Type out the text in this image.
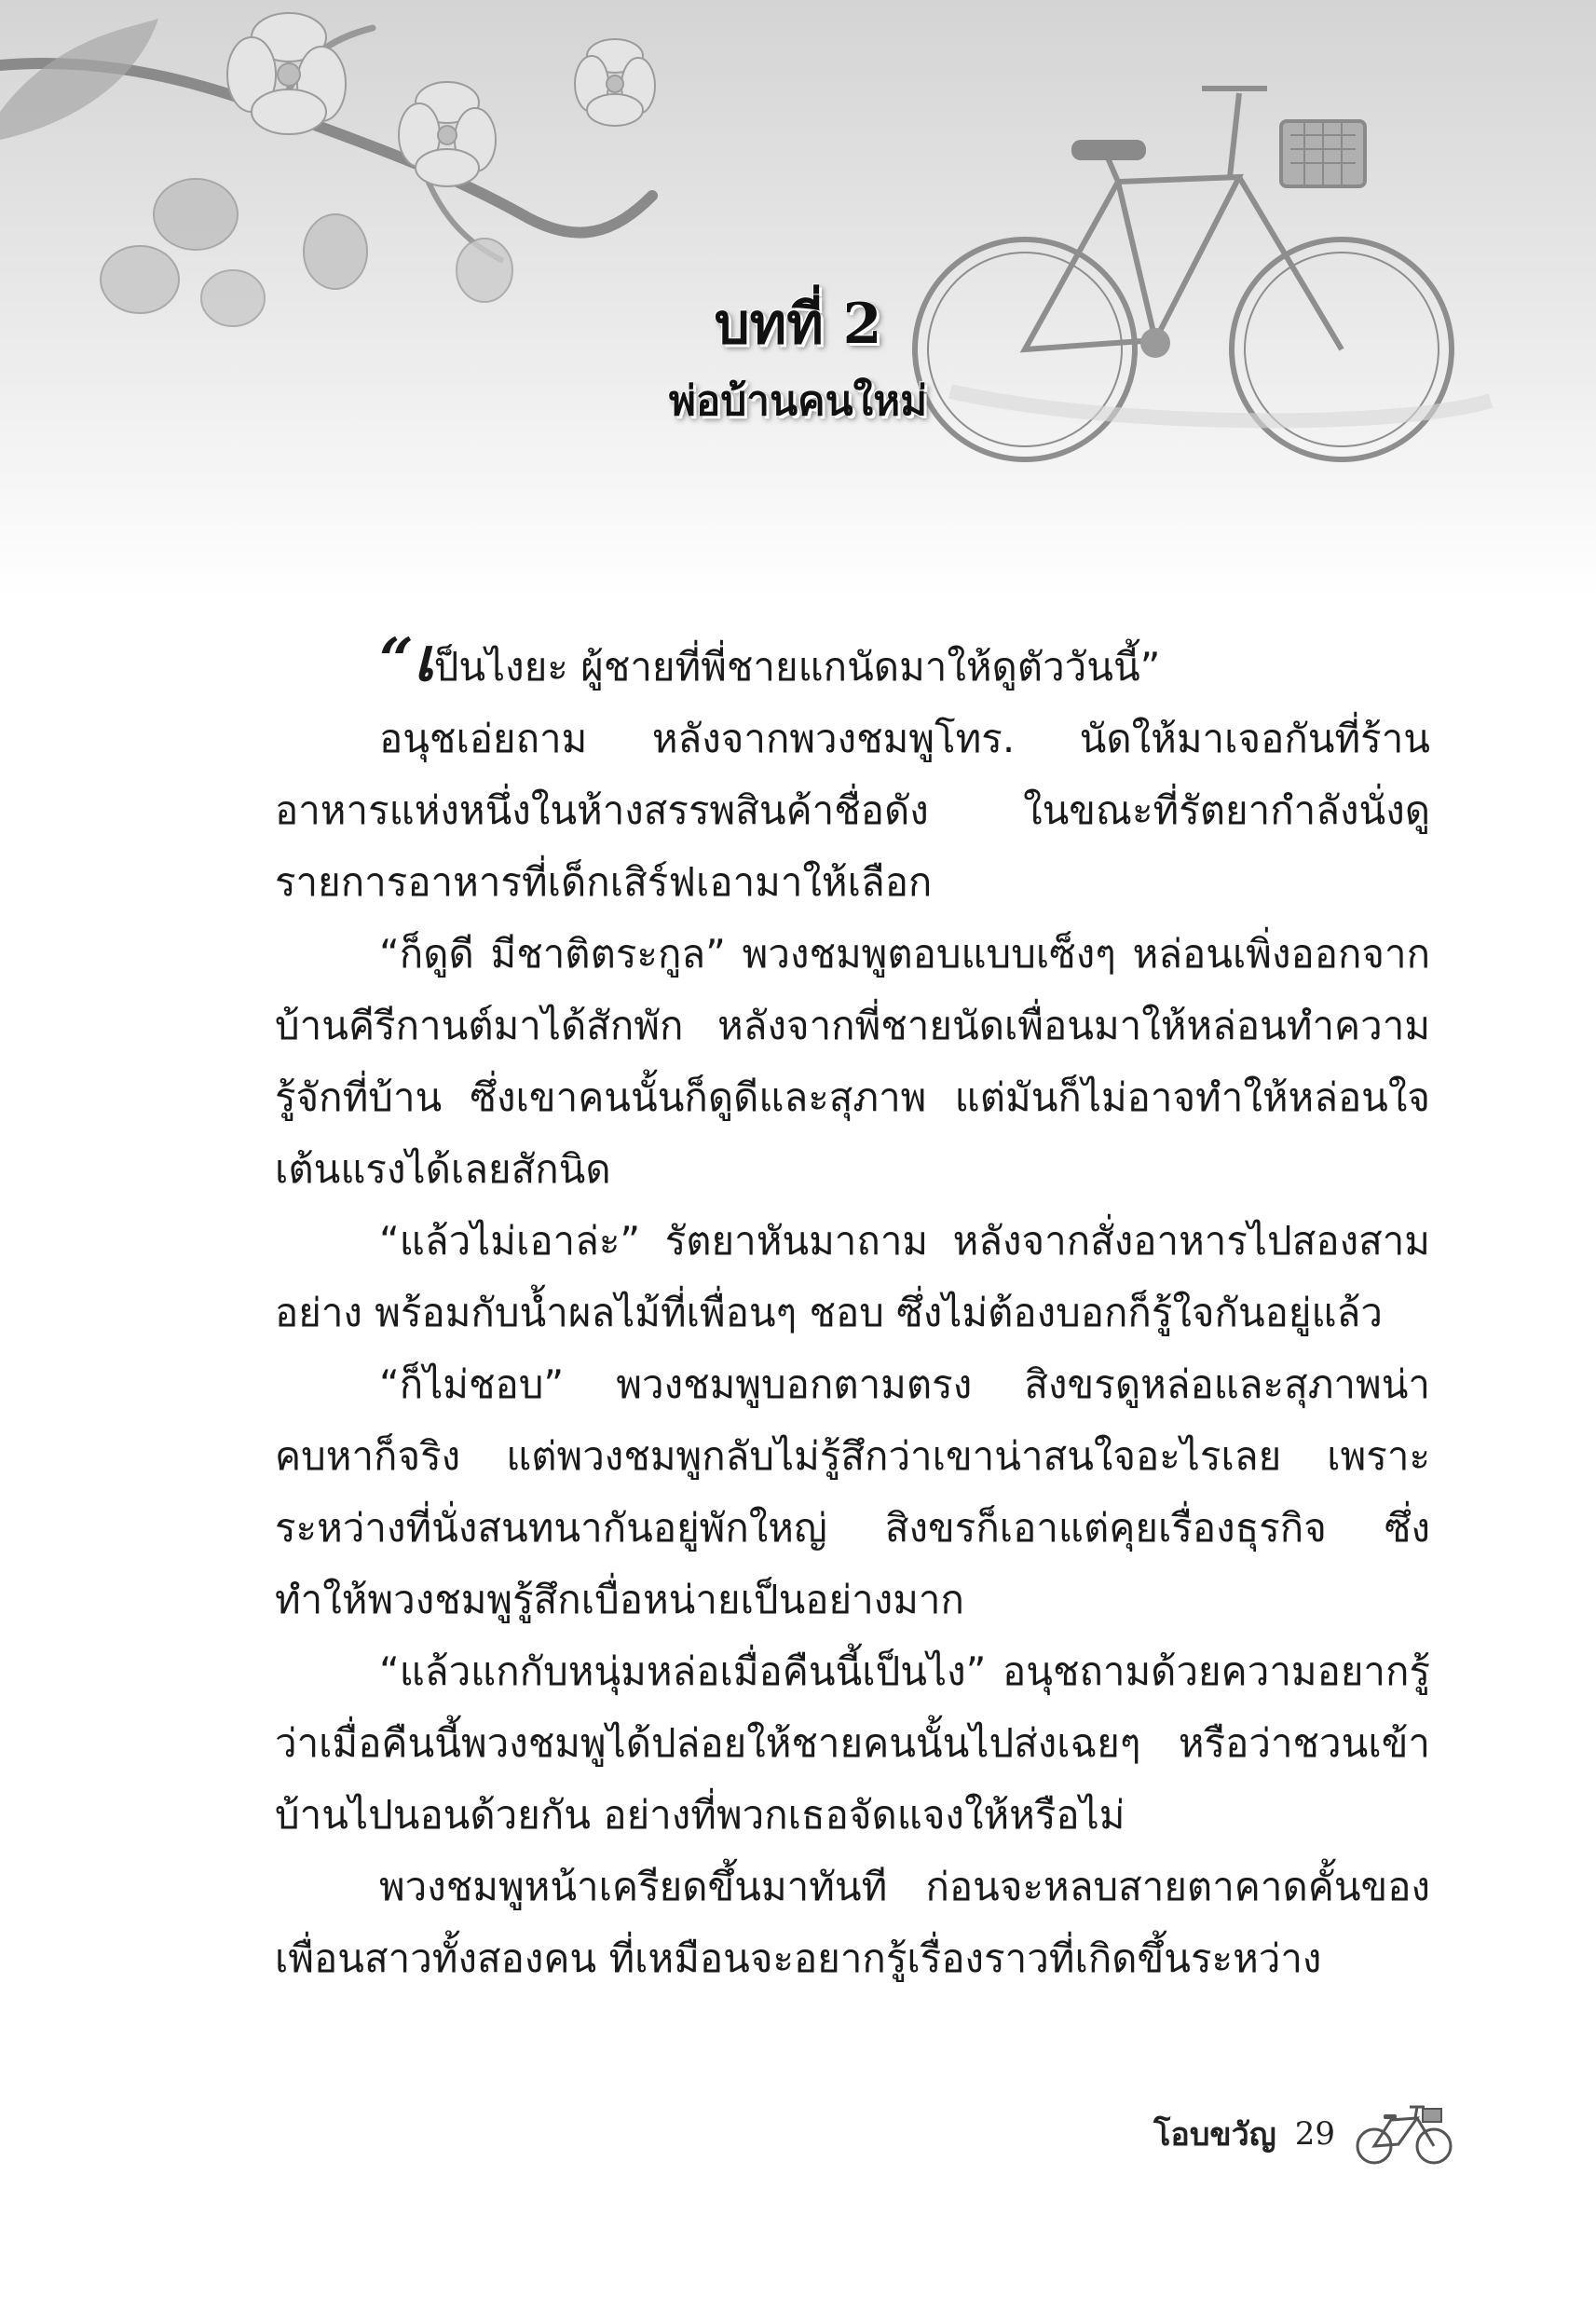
บทที่ 2
พ่อบ้านคนใหม่

“เป็นไงยะ ผู้ชายที่พี่ชายแกนัดมาให้ดูตัววันนี้”

อนุชเอ่ยถาม หลังจากพวงชมพูโทร. นัดให้มาเจอกันที่ร้านอาหารแห่งหนึ่งในห้างสรรพสินค้าชื่อดัง ในขณะที่รัตยากำลังนั่งดูรายการอาหารที่เด็กเสิร์ฟเอามาให้เลือก

“ก็ดูดี มีชาติตระกูล” พวงชมพูตอบแบบเซ็งๆ หล่อนเพิ่งออกจากบ้านคีรีกานต์มาได้สักพัก หลังจากพี่ชายนัดเพื่อนมาให้หล่อนทำความรู้จักที่บ้าน ซึ่งเขาคนนั้นก็ดูดีและสุภาพ แต่มันก็ไม่อาจทำให้หล่อนใจเต้นแรงได้เลยสักนิด

“แล้วไม่เอาล่ะ” รัตยาหันมาถาม หลังจากสั่งอาหารไปสองสามอย่าง พร้อมกับน้ำผลไม้ที่เพื่อนๆ ชอบ ซึ่งไม่ต้องบอกก็รู้ใจกันอยู่แล้ว

“ก็ไม่ชอบ” พวงชมพูบอกตามตรง สิงขรดูหล่อและสุภาพน่าคบหาก็จริง แต่พวงชมพูกลับไม่รู้สึกว่าเขาน่าสนใจอะไรเลย เพราะระหว่างที่นั่งสนทนากันอยู่พักใหญ่ สิงขรก็เอาแต่คุยเรื่องธุรกิจ ซึ่งทำให้พวงชมพูรู้สึกเบื่อหน่ายเป็นอย่างมาก

“แล้วแกกับหนุ่มหล่อเมื่อคืนนี้เป็นไง” อนุชถามด้วยความอยากรู้ ว่าเมื่อคืนนี้พวงชมพูได้ปล่อยให้ชายคนนั้นไปส่งเฉยๆ หรือว่าชวนเข้าบ้านไปนอนด้วยกัน อย่างที่พวกเธอจัดแจงให้หรือไม่

พวงชมพูหน้าเครียดขึ้นมาทันที ก่อนจะหลบสายตาคาดคั้นของเพื่อนสาวทั้งสองคน ที่เหมือนจะอยากรู้เรื่องราวที่เกิดขึ้นระหว่าง

โอบขวัญ 29
